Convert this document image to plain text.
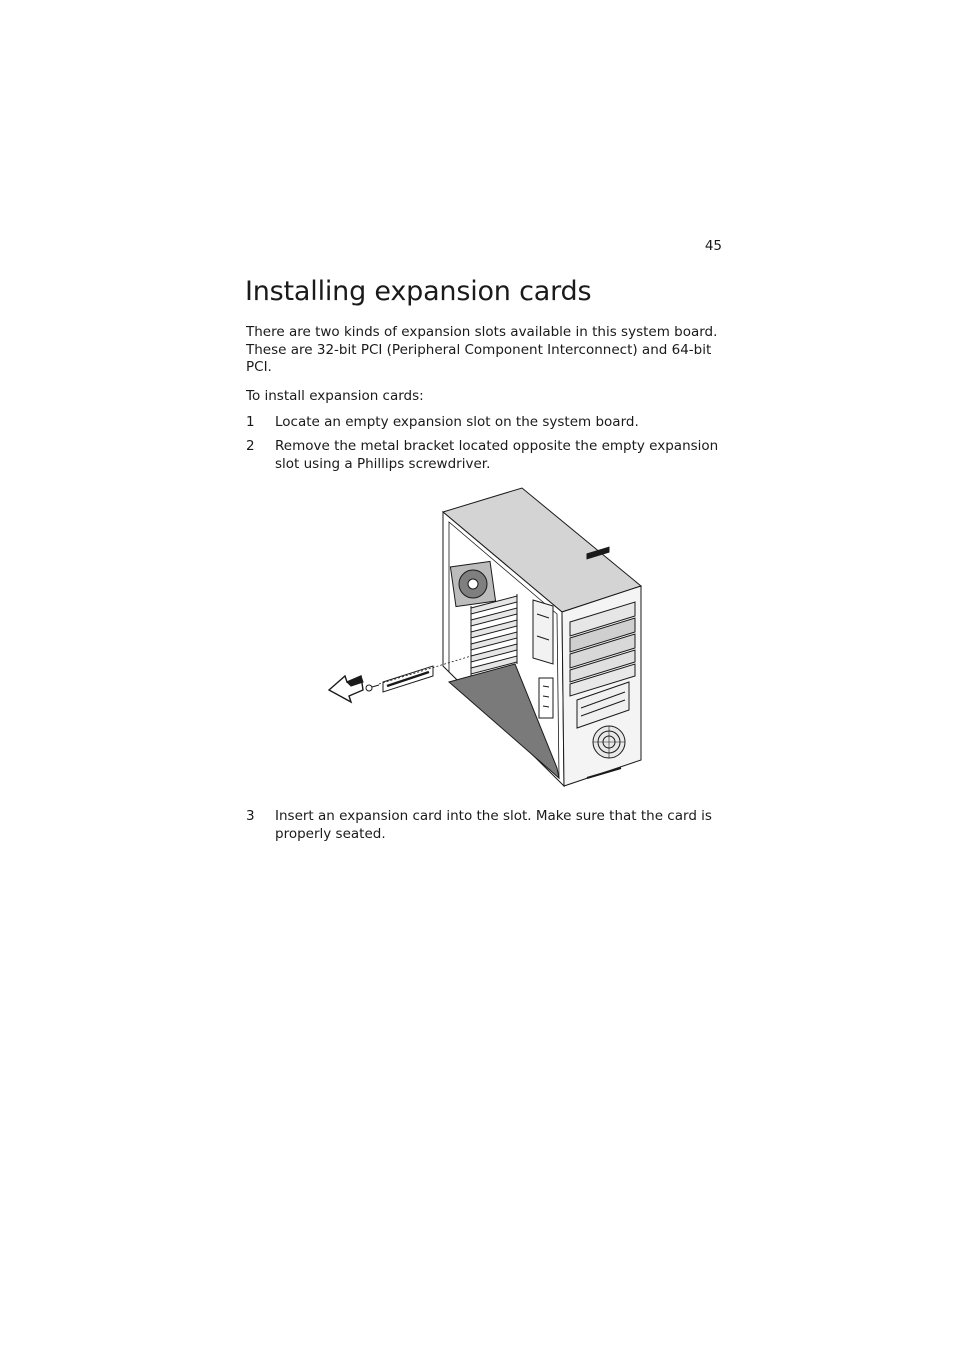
45
Installing expansion cards

There are two kinds of expansion slots available in this system board. These are 32-bit PCI (Peripheral Component Interconnect) and 64-bit PCI.

To install expansion cards:

1 Locate an empty expansion slot on the system board.
2 Remove the metal bracket located opposite the empty expansion slot using a Phillips screwdriver.
3 Insert an expansion card into the slot. Make sure that the card is properly seated.
